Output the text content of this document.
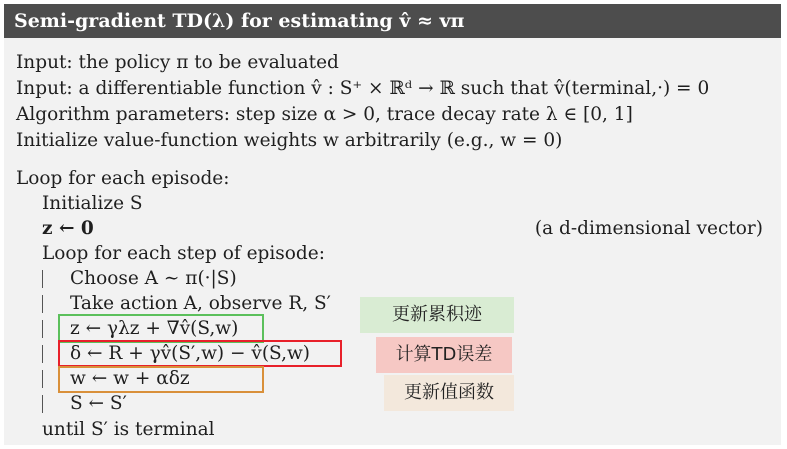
Semi-gradient TD(λ) for estimating v̂ ≈ vπ
Input: the policy π to be evaluated
Input: a differentiable function v̂ : S⁺ × ℝᵈ → ℝ such that v̂(terminal,·) = 0
Algorithm parameters: step size α > 0, trace decay rate λ ∈ [0, 1]
Initialize value-function weights w arbitrarily (e.g., w = 0)
Loop for each episode:
Initialize S
z ← 0	(a d-dimensional vector)
Loop for each step of episode:
Choose A ∼ π(·|S)
Take action A, observe R, S′
z ← γλz + ∇v̂(S,w)
δ ← R + γv̂(S′,w) − v̂(S,w)
w ← w + αδz
S ← S′
until S′ is terminal
更新累积迹
计算TD误差
更新值函数
